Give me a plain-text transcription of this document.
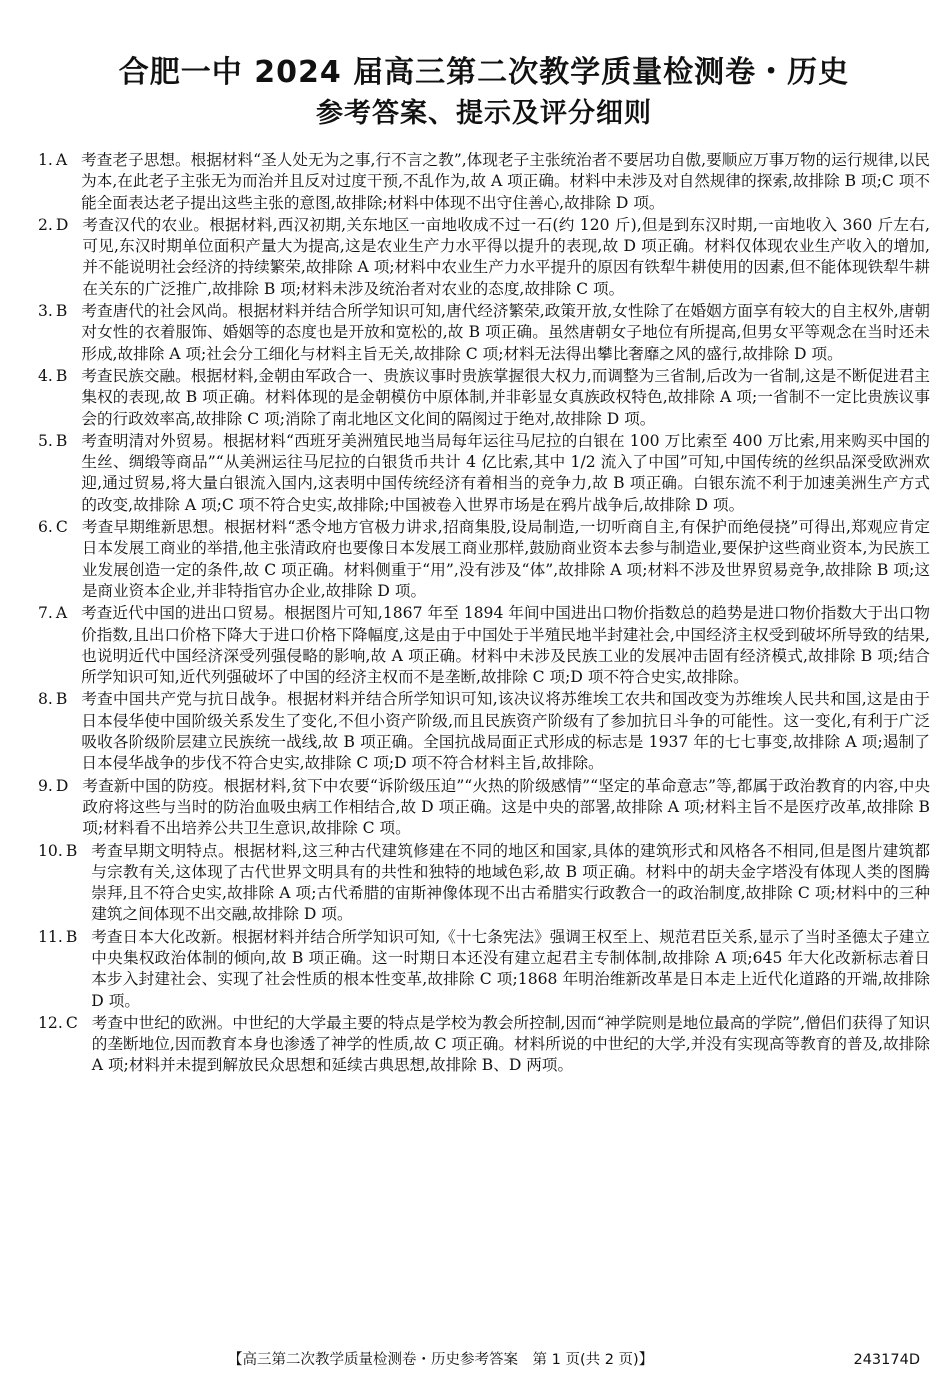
合肥一中 2024 届高三第二次教学质量检测卷・历史
参考答案、提示及评分细则
1. A 考查老子思想。根据材料“圣人处无为之事,行不言之教”,体现老子主张统治者不要居功自傲,要顺应万事万物的运行规律,以民为本,在此老子主张无为而治并且反对过度干预,不乱作为,故 A 项正确。材料中未涉及对自然规律的探索,故排除 B 项;C 项不能全面表达老子提出这些主张的意图,故排除;材料中体现不出守住善心,故排除 D 项。
2. D 考查汉代的农业。根据材料,西汉初期,关东地区一亩地收成不过一石(约 120 斤),但是到东汉时期,一亩地收入 360 斤左右,可见,东汉时期单位面积产量大为提高,这是农业生产力水平得以提升的表现,故 D 项正确。材料仅体现农业生产收入的增加,并不能说明社会经济的持续繁荣,故排除 A 项;材料中农业生产力水平提升的原因有铁犁牛耕使用的因素,但不能体现铁犁牛耕在关东的广泛推广,故排除 B 项;材料未涉及统治者对农业的态度,故排除 C 项。
3. B 考查唐代的社会风尚。根据材料并结合所学知识可知,唐代经济繁荣,政策开放,女性除了在婚姻方面享有较大的自主权外,唐朝对女性的衣着服饰、婚姻等的态度也是开放和宽松的,故 B 项正确。虽然唐朝女子地位有所提高,但男女平等观念在当时还未形成,故排除 A 项;社会分工细化与材料主旨无关,故排除 C 项;材料无法得出攀比奢靡之风的盛行,故排除 D 项。
4. B 考查民族交融。根据材料,金朝由军政合一、贵族议事时贵族掌握很大权力,而调整为三省制,后改为一省制,这是不断促进君主集权的表现,故 B 项正确。材料体现的是金朝模仿中原体制,并非彰显女真族政权特色,故排除 A 项;一省制不一定比贵族议事会的行政效率高,故排除 C 项;消除了南北地区文化间的隔阂过于绝对,故排除 D 项。
5. B 考查明清对外贸易。根据材料“西班牙美洲殖民地当局每年运往马尼拉的白银在 100 万比索至 400 万比索,用来购买中国的生丝、绸缎等商品”“从美洲运往马尼拉的白银货币共计 4 亿比索,其中 1/2 流入了中国”可知,中国传统的丝织品深受欧洲欢迎,通过贸易,将大量白银流入国内,这表明中国传统经济有着相当的竞争力,故 B 项正确。白银东流不利于加速美洲生产方式的改变,故排除 A 项;C 项不符合史实,故排除;中国被卷入世界市场是在鸦片战争后,故排除 D 项。
6. C 考查早期维新思想。根据材料“悉令地方官极力讲求,招商集股,设局制造,一切听商自主,有保护而绝侵挠”可得出,郑观应肯定日本发展工商业的举措,他主张清政府也要像日本发展工商业那样,鼓励商业资本去参与制造业,要保护这些商业资本,为民族工业发展创造一定的条件,故 C 项正确。材料侧重于“用”,没有涉及“体”,故排除 A 项;材料不涉及世界贸易竞争,故排除 B 项;这是商业资本企业,并非特指官办企业,故排除 D 项。
7. A 考查近代中国的进出口贸易。根据图片可知,1867 年至 1894 年间中国进出口物价指数总的趋势是进口物价指数大于出口物价指数,且出口价格下降大于进口价格下降幅度,这是由于中国处于半殖民地半封建社会,中国经济主权受到破坏所导致的结果,也说明近代中国经济深受列强侵略的影响,故 A 项正确。材料中未涉及民族工业的发展冲击固有经济模式,故排除 B 项;结合所学知识可知,近代列强破坏了中国的经济主权而不是垄断,故排除 C 项;D 项不符合史实,故排除。
8. B 考查中国共产党与抗日战争。根据材料并结合所学知识可知,该决议将苏维埃工农共和国改变为苏维埃人民共和国,这是由于日本侵华使中国阶级关系发生了变化,不但小资产阶级,而且民族资产阶级有了参加抗日斗争的可能性。这一变化,有利于广泛吸收各阶级阶层建立民族统一战线,故 B 项正确。全国抗战局面正式形成的标志是 1937 年的七七事变,故排除 A 项;遏制了日本侵华战争的步伐不符合史实,故排除 C 项;D 项不符合材料主旨,故排除。
9. D 考查新中国的防疫。根据材料,贫下中农要“诉阶级压迫”“火热的阶级感情”“坚定的革命意志”等,都属于政治教育的内容,中央政府将这些与当时的防治血吸虫病工作相结合,故 D 项正确。这是中央的部署,故排除 A 项;材料主旨不是医疗改革,故排除 B 项;材料看不出培养公共卫生意识,故排除 C 项。
10. B 考查早期文明特点。根据材料,这三种古代建筑修建在不同的地区和国家,具体的建筑形式和风格各不相同,但是图片建筑都与宗教有关,这体现了古代世界文明具有的共性和独特的地域色彩,故 B 项正确。材料中的胡夫金字塔没有体现人类的图腾崇拜,且不符合史实,故排除 A 项;古代希腊的宙斯神像体现不出古希腊实行政教合一的政治制度,故排除 C 项;材料中的三种建筑之间体现不出交融,故排除 D 项。
11. B 考查日本大化改新。根据材料并结合所学知识可知,《十七条宪法》强调王权至上、规范君臣关系,显示了当时圣德太子建立中央集权政治体制的倾向,故 B 项正确。这一时期日本还没有建立起君主专制体制,故排除 A 项;645 年大化改新标志着日本步入封建社会、实现了社会性质的根本性变革,故排除 C 项;1868 年明治维新改革是日本走上近代化道路的开端,故排除 D 项。
12. C 考查中世纪的欧洲。中世纪的大学最主要的特点是学校为教会所控制,因而“神学院则是地位最高的学院”,僧侣们获得了知识的垄断地位,因而教育本身也渗透了神学的性质,故 C 项正确。材料所说的中世纪的大学,并没有实现高等教育的普及,故排除 A 项;材料并未提到解放民众思想和延续古典思想,故排除 B、D 两项。
【高三第二次教学质量检测卷・历史参考答案　第 1 页(共 2 页)】	243174D
